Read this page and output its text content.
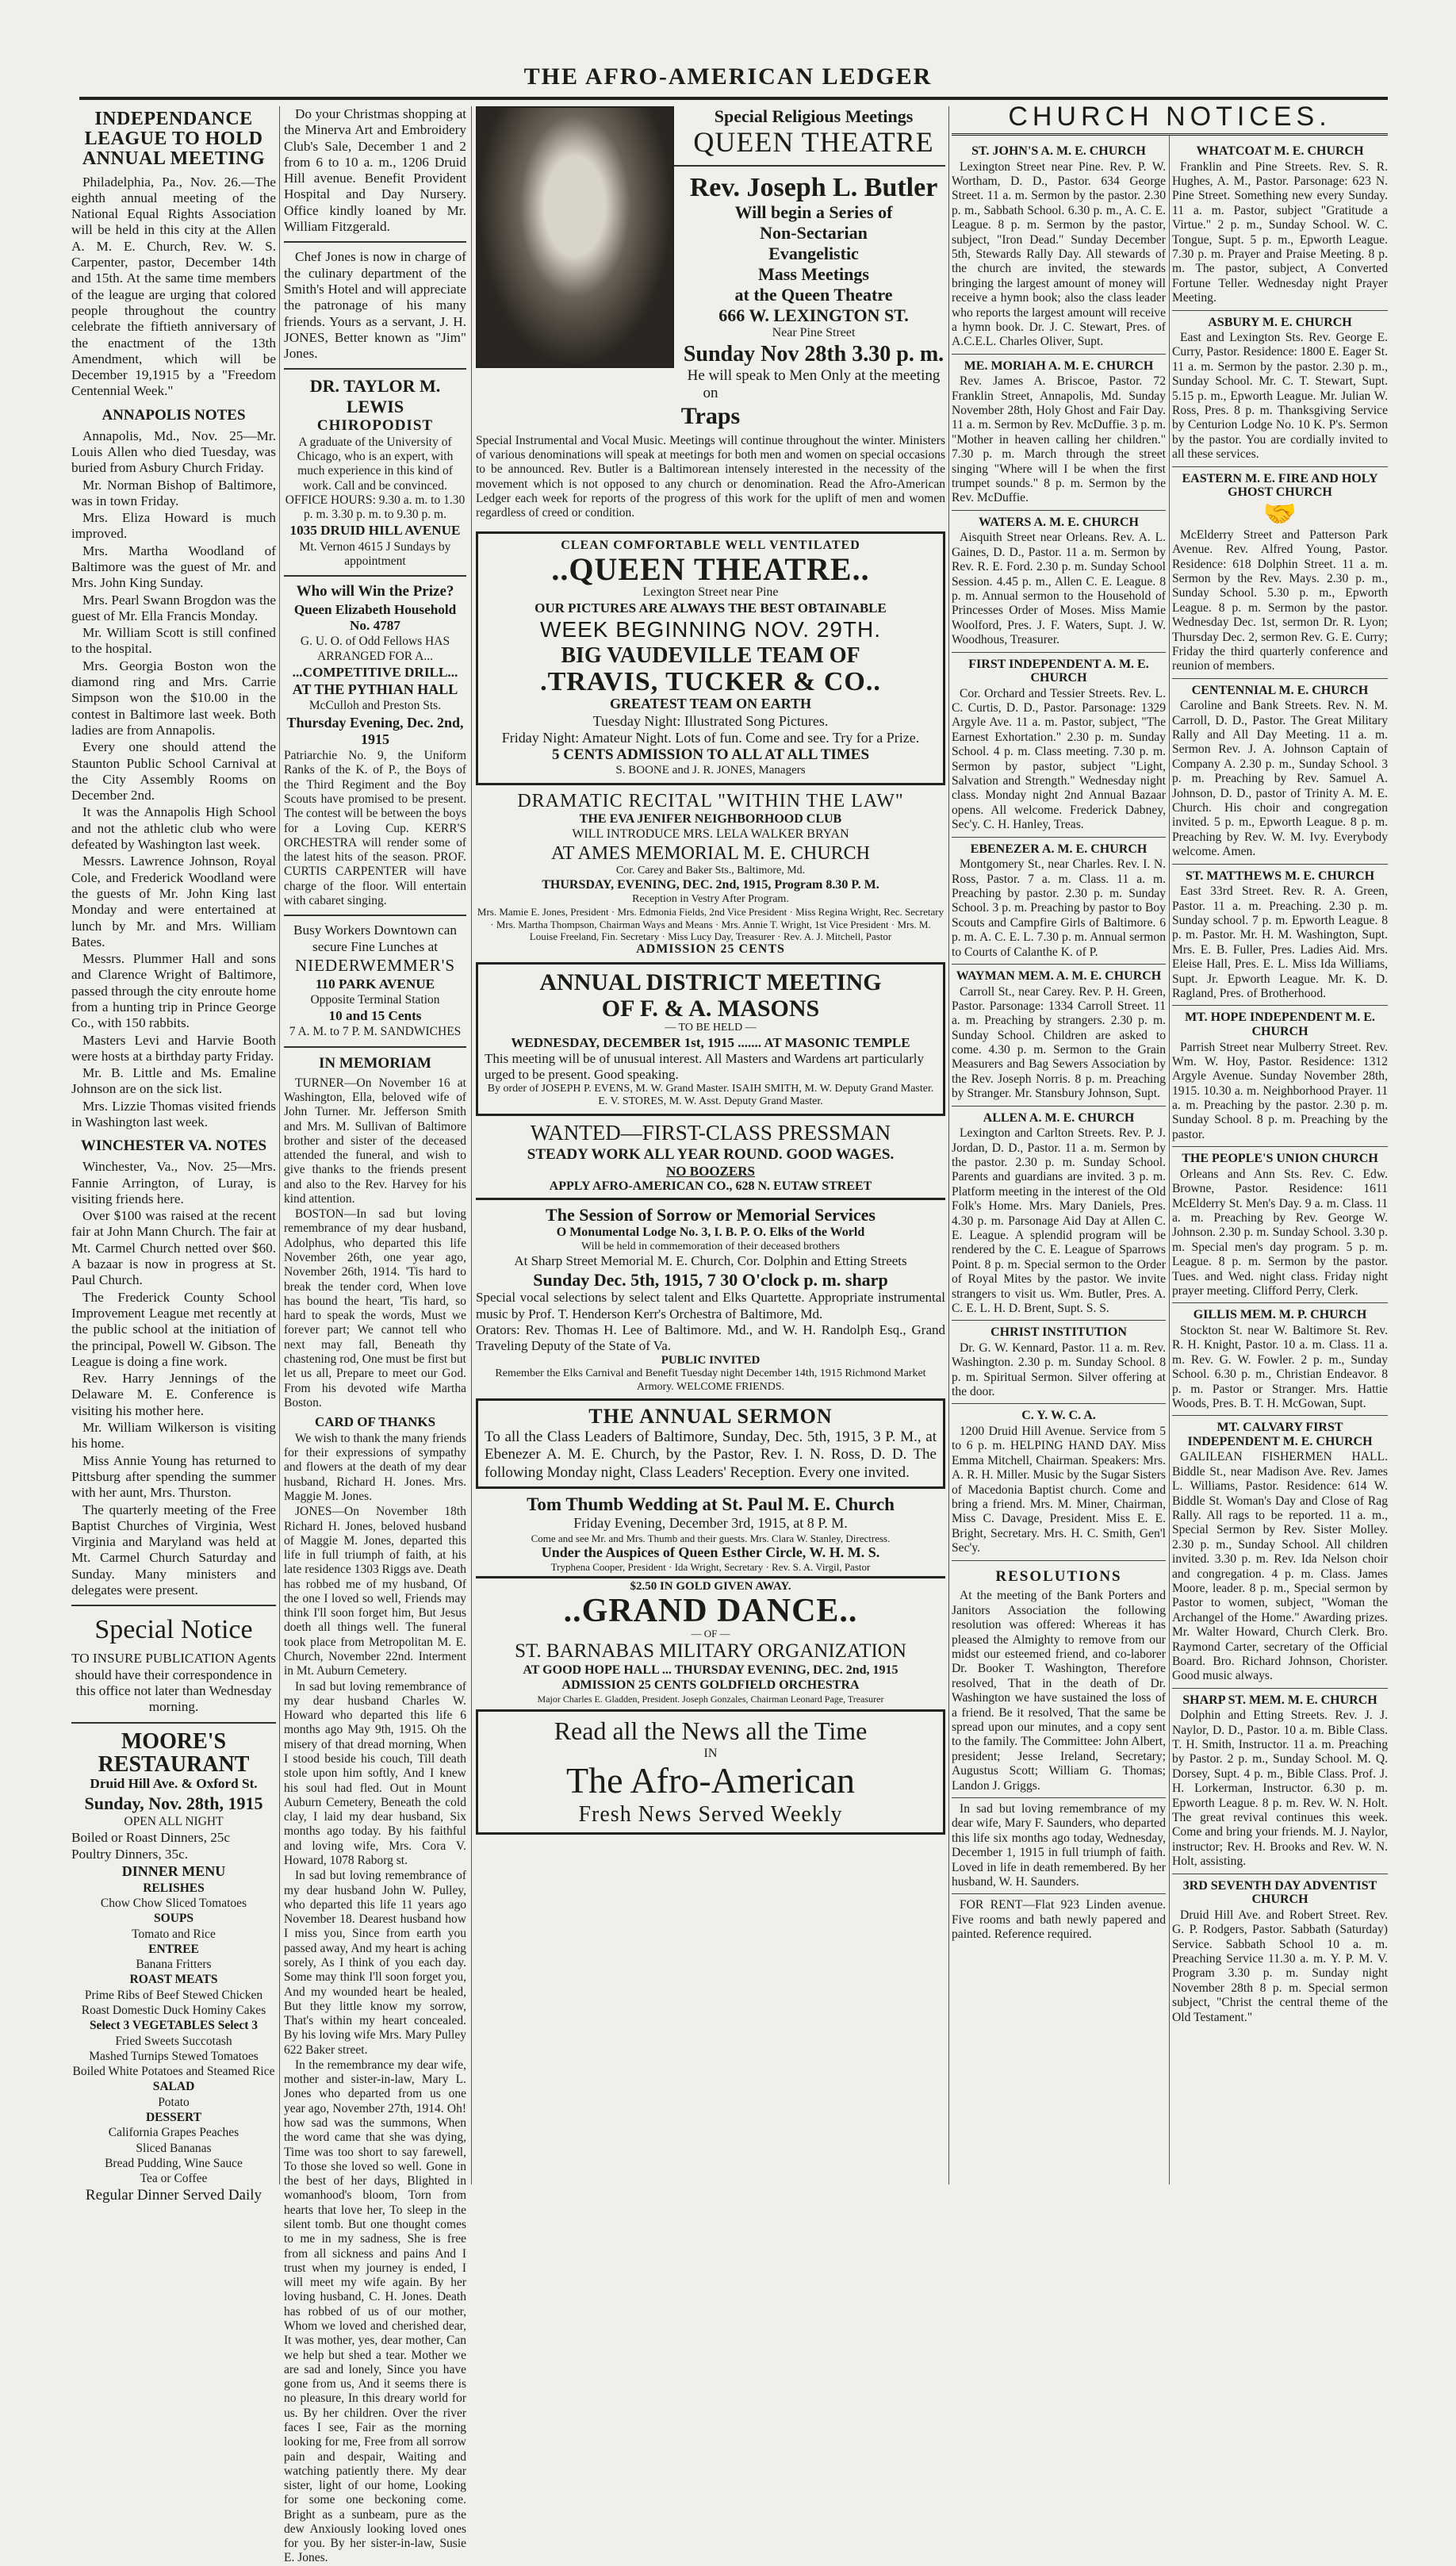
THE AFRO-AMERICAN LEDGER
INDEPENDANCE LEAGUE TO HOLD ANNUAL MEETING

Philadelphia, Pa., Nov. 26.—The eighth annual meeting of the National Equal Rights Association will be held in this city at the Allen A. M. E. Church, Rev. W. S. Carpenter, pastor, December 14th and 15th. At the same time members of the league are urging that colored people throughout the country celebrate the fiftieth anniversary of the enactment of the 13th Amendment, which will be December 19,1915 by a "Freedom Centennial Week."

ANNAPOLIS NOTES

Annapolis, Md., Nov. 25—Mr. Louis Allen who died Tuesday, was buried from Asbury Church Friday.

Mr. Norman Bishop of Baltimore, was in town Friday.

Mrs. Eliza Howard is much improved.

Mrs. Martha Woodland of Baltimore was the guest of Mr. and Mrs. John King Sunday.

Mrs. Pearl Swann Brogdon was the guest of Mr. Ella Francis Monday.

Mr. William Scott is still confined to the hospital.

Mrs. Georgia Boston won the diamond ring and Mrs. Carrie Simpson won the $10.00 in the contest in Baltimore last week. Both ladies are from Annapolis.

Every one should attend the Staunton Public School Carnival at the City Assembly Rooms on December 2nd.

It was the Annapolis High School and not the athletic club who were defeated by Washington last week.

Messrs. Lawrence Johnson, Royal Cole, and Frederick Woodland were the guests of Mr. John King last Monday and were entertained at lunch by Mr. and Mrs. William Bates.

Messrs. Plummer Hall and sons and Clarence Wright of Baltimore, passed through the city enroute home from a hunting trip in Prince George Co., with 150 rabbits.

Masters Levi and Harvie Booth were hosts at a birthday party Friday.

Mr. B. Little and Ms. Emaline Johnson are on the sick list.

Mrs. Lizzie Thomas visited friends in Washington last week.

WINCHESTER VA. NOTES

Winchester, Va., Nov. 25—Mrs. Fannie Arrington, of Luray, is visiting friends here.

Over $100 was raised at the recent fair at John Mann Church. The fair at Mt. Carmel Church netted over $60. A bazaar is now in progress at St. Paul Church.

The Frederick County School Improvement League met recently at the public school at the initiation of the principal, Powell W. Gibson. The League is doing a fine work.

Rev. Harry Jennings of the Delaware M. E. Conference is visiting his mother here.

Mr. William Wilkerson is visiting his home.

Miss Annie Young has returned to Pittsburg after spending the summer with her aunt, Mrs. Thurston.

The quarterly meeting of the Free Baptist Churches of Virginia, West Virginia and Maryland was held at Mt. Carmel Church Saturday and Sunday. Many ministers and delegates were present.

Special Notice

TO INSURE PUBLICATION Agents should have their correspondence in this office not later than Wednesday morning.

MOORE'S RESTAURANT

Druid Hill Ave. & Oxford St.

Sunday, Nov. 28th, 1915

OPEN ALL NIGHT

Boiled or Roast Dinners, 25c

Poultry Dinners, 35c.

DINNER MENU

RELISHES

Chow Chow Sliced Tomatoes

SOUPS

Tomato and Rice

ENTREE

Banana Fritters

ROAST MEATS

Prime Ribs of Beef Stewed Chicken

Roast Domestic Duck Hominy Cakes

Select 3 VEGETABLES Select 3

Fried Sweets Succotash

Mashed Turnips Stewed Tomatoes

Boiled White Potatoes and Steamed Rice

SALAD

Potato

DESSERT

California Grapes Peaches

Sliced Bananas

Bread Pudding, Wine Sauce

Tea or Coffee

Regular Dinner Served Daily

Do your Christmas shopping at the Minerva Art and Embroidery Club's Sale, December 1 and 2 from 6 to 10 a. m., 1206 Druid Hill avenue. Benefit Provident Hospital and Day Nursery. Office kindly loaned by Mr. William Fitzgerald.

Chef Jones is now in charge of the culinary department of the Smith's Hotel and will appreciate the patronage of his many friends. Yours as a servant, J. H. JONES, Better known as "Jim" Jones.

DR. TAYLOR M. LEWIS
CHIROPODIST

A graduate of the University of Chicago, who is an expert, with much experience in this kind of work. Call and be convinced. OFFICE HOURS: 9.30 a. m. to 1.30 p. m. 3.30 p. m. to 9.30 p. m.

1035 DRUID HILL AVENUE

Mt. Vernon 4615 J Sundays by appointment

Who will Win the Prize?

Queen Elizabeth Household No. 4787

G. U. O. of Odd Fellows HAS ARRANGED FOR A...

...COMPETITIVE DRILL...

AT THE PYTHIAN HALL

McCulloh and Preston Sts.

Thursday Evening, Dec. 2nd, 1915

Patriarchie No. 9, the Uniform Ranks of the K. of P., the Boys of the Third Regiment and the Boy Scouts have promised to be present. The contest will be between the boys for a Loving Cup. KERR'S ORCHESTRA will render some of the latest hits of the season. PROF. CURTIS CARPENTER will have charge of the floor. Will entertain with cabaret singing.

Busy Workers Downtown can secure Fine Lunches at

NIEDERWEMMER'S

110 PARK AVENUE

Opposite Terminal Station

10 and 15 Cents

7 A. M. to 7 P. M. SANDWICHES

IN MEMORIAM

TURNER—On November 16 at Washington, Ella, beloved wife of John Turner. Mr. Jefferson Smith and Mrs. M. Sullivan of Baltimore brother and sister of the deceased attended the funeral, and wish to give thanks to the friends present and also to the Rev. Harvey for his kind attention.

BOSTON—In sad but loving remembrance of my dear husband, Adolphus, who departed this life November 26th, one year ago, November 26th, 1914. 'Tis hard to break the tender cord, When love has bound the heart, 'Tis hard, so hard to speak the words, Must we forever part; We cannot tell who next may fall, Beneath thy chastening rod, One must be first but let us all, Prepare to meet our God. From his devoted wife Martha Boston.

CARD OF THANKS

We wish to thank the many friends for their expressions of sympathy and flowers at the death of my dear husband, Richard H. Jones. Mrs. Maggie M. Jones.

JONES—On November 18th Richard H. Jones, beloved husband of Maggie M. Jones, departed this life in full triumph of faith, at his late residence 1303 Riggs ave. Death has robbed me of my husband, Of the one I loved so well, Friends may think I'll soon forget him, But Jesus doeth all things well. The funeral took place from Metropolitan M. E. Church, November 22nd. Interment in Mt. Auburn Cemetery.

In sad but loving remembrance of my dear husband Charles W. Howard who departed this life 6 months ago May 9th, 1915. Oh the misery of that dread morning, When I stood beside his couch, Till death stole upon him softly, And I knew his soul had fled. Out in Mount Auburn Cemetery, Beneath the cold clay, I laid my dear husband, Six months ago today. By his faithful and loving wife, Mrs. Cora V. Howard, 1078 Raborg st.

In sad but loving remembrance of my dear husband John W. Pulley, who departed this life 11 years ago November 18. Dearest husband how I miss you, Since from earth you passed away, And my heart is aching sorely, As I think of you each day. Some may think I'll soon forget you, And my wounded heart be healed, But they little know my sorrow, That's within my heart concealed. By his loving wife Mrs. Mary Pulley 622 Baker street.

In the remembrance my dear wife, mother and sister-in-law, Mary L. Jones who departed from us one year ago, November 27th, 1914. Oh! how sad was the summons, When the word came that she was dying, Time was too short to say farewell, To those she loved so well. Gone in the best of her days, Blighted in womanhood's bloom, Torn from hearts that love her, To sleep in the silent tomb. But one thought comes to me in my sadness, She is free from all sickness and pains And I trust when my journey is ended, I will meet my wife again. By her loving husband, C. H. Jones. Death has robbed of us of our mother, Whom we loved and cherished dear, It was mother, yes, dear mother, Can we help but shed a tear. Mother we are sad and lonely, Since you have gone from us, And it seems there is no pleasure, In this dreary world for us. By her children. Over the river faces I see, Fair as the morning looking for me, Free from all sorrow pain and despair, Waiting and watching patiently there. My dear sister, light of our home, Looking for some one beckoning come. Bright as a sunbeam, pure as the dew Anxiously looking loved ones for you. By her sister-in-law, Susie E. Jones.

Special Religious Meetings
QUEEN THEATRE
Rev. Joseph L. Butler
Will begin a Series of
Non-Sectarian
Evangelistic
Mass Meetings
at the Queen Theatre
666 W. LEXINGTON ST.
Near Pine Street
Sunday Nov 28th 3.30 p. m.
He will speak to Men Only at the meeting on
Traps

Special Instrumental and Vocal Music. Meetings will continue throughout the winter. Ministers of various denominations will speak at meetings for both men and women on special occasions to be announced. Rev. Butler is a Baltimorean intensely interested in the necessity of the movement which is not opposed to any church or denomination. Read the Afro-American Ledger each week for reports of the progress of this work for the uplift of men and women regardless of creed or condition.

CLEAN COMFORTABLE WELL VENTILATED
..QUEEN THEATRE..
Lexington Street near Pine
OUR PICTURES ARE ALWAYS THE BEST OBTAINABLE
WEEK BEGINNING NOV. 29TH.
BIG VAUDEVILLE TEAM OF
.TRAVIS, TUCKER & CO..
GREATEST TEAM ON EARTH
Tuesday Night: Illustrated Song Pictures.
Friday Night: Amateur Night. Lots of fun. Come and see. Try for a Prize.
5 CENTS ADMISSION TO ALL AT ALL TIMES
S. BOONE and J. R. JONES, Managers
DRAMATIC RECITAL "WITHIN THE LAW"
THE EVA JENIFER NEIGHBORHOOD CLUB
WILL INTRODUCE MRS. LELA WALKER BRYAN
AT AMES MEMORIAL M. E. CHURCH
Cor. Carey and Baker Sts., Baltimore, Md.
THURSDAY, EVENING, DEC. 2nd, 1915, Program 8.30 P. M.
Reception in Vestry After Program.
Mrs. Mamie E. Jones, President · Mrs. Edmonia Fields, 2nd Vice President · Miss Regina Wright, Rec. Secretary · Mrs. Martha Thompson, Chairman Ways and Means · Mrs. Annie T. Wright, 1st Vice President · Mrs. M. Louise Freeland, Fin. Secretary · Miss Lucy Day, Treasurer · Rev. A. J. Mitchell, Pastor
ADMISSION 25 CENTS
ANNUAL DISTRICT MEETING
OF F. & A. MASONS
— TO BE HELD —
WEDNESDAY, DECEMBER 1st, 1915 ....... AT MASONIC TEMPLE
This meeting will be of unusual interest. All Masters and Wardens art particularly urged to be present. Good speaking.
By order of JOSEPH P. EVENS, M. W. Grand Master. ISAIH SMITH, M. W. Deputy Grand Master. E. V. STORES, M. W. Asst. Deputy Grand Master.
WANTED—FIRST-CLASS PRESSMAN
STEADY WORK ALL YEAR ROUND. GOOD WAGES.
NO BOOZERS
APPLY AFRO-AMERICAN CO., 628 N. EUTAW STREET
The Session of Sorrow or Memorial Services
O Monumental Lodge No. 3, I. B. P. O. Elks of the World
Will be held in commemoration of their deceased brothers
At Sharp Street Memorial M. E. Church, Cor. Dolphin and Etting Streets
Sunday Dec. 5th, 1915, 7 30 O'clock p. m. sharp
Special vocal selections by select talent and Elks Quartette. Appropriate instrumental music by Prof. T. Henderson Kerr's Orchestra of Baltimore, Md.
Orators: Rev. Thomas H. Lee of Baltimore. Md., and W. H. Randolph Esq., Grand Traveling Deputy of the State of Va.
PUBLIC INVITED
Remember the Elks Carnival and Benefit Tuesday night December 14th, 1915 Richmond Market Armory. WELCOME FRIENDS.
THE ANNUAL SERMON
To all the Class Leaders of Baltimore, Sunday, Dec. 5th, 1915, 3 P. M., at Ebenezer A. M. E. Church, by the Pastor, Rev. I. N. Ross, D. D. The following Monday night, Class Leaders' Reception. Every one invited.
Tom Thumb Wedding at St. Paul M. E. Church
Friday Evening, December 3rd, 1915, at 8 P. M.
Come and see Mr. and Mrs. Thumb and their guests. Mrs. Clara W. Stanley, Directress.
Under the Auspices of Queen Esther Circle, W. H. M. S.
Tryphena Cooper, President · Ida Wright, Secretary · Rev. S. A. Virgil, Pastor
$2.50 IN GOLD GIVEN AWAY.
..GRAND DANCE..
— OF —
ST. BARNABAS MILITARY ORGANIZATION
AT GOOD HOPE HALL ... THURSDAY EVENING, DEC. 2nd, 1915
ADMISSION 25 CENTS GOLDFIELD ORCHESTRA
Major Charles E. Gladden, President. Joseph Gonzales, Chairman Leonard Page, Treasurer
Read all the News all the Time
IN
The Afro-American
Fresh News Served Weekly
CHURCH NOTICES.
ST. JOHN'S A. M. E. CHURCH

Lexington Street near Pine. Rev. P. W. Wortham, D. D., Pastor. 634 George Street. 11 a. m. Sermon by the pastor. 2.30 p. m., Sabbath School. 6.30 p. m., A. C. E. League. 8 p. m. Sermon by the pastor, subject, "Iron Dead." Sunday December 5th, Stewards Rally Day. All stewards of the church are invited, the stewards bringing the largest amount of money will receive a hymn book; also the class leader who reports the largest amount will receive a hymn book. Dr. J. C. Stewart, Pres. of A.C.E.L. Charles Oliver, Supt.

ME. MORIAH A. M. E. CHURCH

Rev. James A. Briscoe, Pastor. 72 Franklin Street, Annapolis, Md. Sunday November 28th, Holy Ghost and Fair Day. 11 a. m. Sermon by Rev. McDuffie. 3 p. m. "Mother in heaven calling her children." 7.30 p. m. March through the street singing "Where will I be when the first trumpet sounds." 8 p. m. Sermon by the Rev. McDuffie.

WATERS A. M. E. CHURCH

Aisquith Street near Orleans. Rev. A. L. Gaines, D. D., Pastor. 11 a. m. Sermon by Rev. R. E. Ford. 2.30 p. m. Sunday School Session. 4.45 p. m., Allen C. E. League. 8 p. m. Annual sermon to the Household of Princesses Order of Moses. Miss Mamie Woolford, Pres. J. F. Waters, Supt. J. W. Woodhous, Treasurer.

FIRST INDEPENDENT A. M. E. CHURCH

Cor. Orchard and Tessier Streets. Rev. L. C. Curtis, D. D., Pastor. Parsonage: 1329 Argyle Ave. 11 a. m. Pastor, subject, "The Earnest Exhortation." 2.30 p. m. Sunday School. 4 p. m. Class meeting. 7.30 p. m. Sermon by pastor, subject "Light, Salvation and Strength." Wednesday night class. Monday night 2nd Annual Bazaar opens. All welcome. Frederick Dabney, Sec'y. C. H. Hanley, Treas.

EBENEZER A. M. E. CHURCH

Montgomery St., near Charles. Rev. I. N. Ross, Pastor. 7 a. m. Class. 11 a. m. Preaching by pastor. 2.30 p. m. Sunday School. 3 p. m. Preaching by pastor to Boy Scouts and Campfire Girls of Baltimore. 6 p. m. A. C. E. L. 7.30 p. m. Annual sermon to Courts of Calanthe K. of P.

WAYMAN MEM. A. M. E. CHURCH

Carroll St., near Carey. Rev. P. H. Green, Pastor. Parsonage: 1334 Carroll Street. 11 a. m. Preaching by strangers. 2.30 p. m. Sunday School. Children are asked to come. 4.30 p. m. Sermon to the Grain Measurers and Bag Sewers Association by the Rev. Joseph Norris. 8 p. m. Preaching by Stranger. Mr. Stansbury Johnson, Supt.

ALLEN A. M. E. CHURCH

Lexington and Carlton Streets. Rev. P. J. Jordan, D. D., Pastor. 11 a. m. Sermon by the pastor. 2.30 p. m. Sunday School. Parents and guardians are invited. 3 p. m. Platform meeting in the interest of the Old Folk's Home. Mrs. Mary Daniels, Pres. 4.30 p. m. Parsonage Aid Day at Allen C. E. League. A splendid program will be rendered by the C. E. League of Sparrows Point. 8 p. m. Special sermon to the Order of Royal Mites by the pastor. We invite strangers to visit us. Wm. Butler, Pres. A. C. E. L. H. D. Brent, Supt. S. S.

CHRIST INSTITUTION

Dr. G. W. Kennard, Pastor. 11 a. m. Rev. Washington. 2.30 p. m. Sunday School. 8 p. m. Spiritual Sermon. Silver offering at the door.

C. Y. W. C. A.

1200 Druid Hill Avenue. Service from 5 to 6 p. m. HELPING HAND DAY. Miss Emma Mitchell, Chairman. Speakers: Mrs. A. R. H. Miller. Music by the Sugar Sisters of Macedonia Baptist church. Come and bring a friend. Mrs. M. Miner, Chairman, Miss C. Davage, President. Miss E. E. Bright, Secretary. Mrs. H. C. Smith, Gen'l Sec'y.

RESOLUTIONS

At the meeting of the Bank Porters and Janitors Association the following resolution was offered: Whereas it has pleased the Almighty to remove from our midst our esteemed friend, and co-laborer Dr. Booker T. Washington, Therefore resolved, That in the death of Dr. Washington we have sustained the loss of a friend. Be it resolved, That the same be spread upon our minutes, and a copy sent to the family. The Committee: John Albert, president; Jesse Ireland, Secretary; Augustus Scott; William G. Thomas; Landon J. Griggs.

In sad but loving remembrance of my dear wife, Mary F. Saunders, who departed this life six months ago today, Wednesday, December 1, 1915 in full triumph of faith. Loved in life in death remembered. By her husband, W. H. Saunders.

FOR RENT—Flat 923 Linden avenue. Five rooms and bath newly papered and painted. Reference required.

WHATCOAT M. E. CHURCH

Franklin and Pine Streets. Rev. S. R. Hughes, A. M., Pastor. Parsonage: 623 N. Pine Street. Something new every Sunday. 11 a. m. Pastor, subject "Gratitude a Virtue." 2 p. m., Sunday School. W. C. Tongue, Supt. 5 p. m., Epworth League. 7.30 p. m. Prayer and Praise Meeting. 8 p. m. The pastor, subject, A Converted Fortune Teller. Wednesday night Prayer Meeting.

ASBURY M. E. CHURCH

East and Lexington Sts. Rev. George E. Curry, Pastor. Residence: 1800 E. Eager St. 11 a. m. Sermon by the pastor. 2.30 p. m., Sunday School. Mr. C. T. Stewart, Supt. 5.15 p. m., Epworth League. Mr. Julian W. Ross, Pres. 8 p. m. Thanksgiving Service by Centurion Lodge No. 10 K. P's. Sermon by the pastor. You are cordially invited to all these services.

EASTERN M. E. FIRE AND HOLY GHOST CHURCH
🤝

McElderry Street and Patterson Park Avenue. Rev. Alfred Young, Pastor. Residence: 618 Dolphin Street. 11 a. m. Sermon by the Rev. Mays. 2.30 p. m., Sunday School. 5.30 p. m., Epworth League. 8 p. m. Sermon by the pastor. Wednesday Dec. 1st, sermon Dr. R. Lyon; Thursday Dec. 2, sermon Rev. G. E. Curry; Friday the third quarterly conference and reunion of members.

CENTENNIAL M. E. CHURCH

Caroline and Bank Streets. Rev. N. M. Carroll, D. D., Pastor. The Great Military Rally and All Day Meeting. 11 a. m. Sermon Rev. J. A. Johnson Captain of Company A. 2.30 p. m., Sunday School. 3 p. m. Preaching by Rev. Samuel A. Johnson, D. D., pastor of Trinity A. M. E. Church. His choir and congregation invited. 5 p. m., Epworth League. 8 p. m. Preaching by Rev. W. M. Ivy. Everybody welcome. Amen.

ST. MATTHEWS M. E. CHURCH

East 33rd Street. Rev. R. A. Green, Pastor. 11 a. m. Preaching. 2.30 p. m. Sunday school. 7 p. m. Epworth League. 8 p. m. Pastor. Mr. H. M. Washington, Supt. Mrs. E. B. Fuller, Pres. Ladies Aid. Mrs. Eleise Hall, Pres. E. L. Miss Ida Williams, Supt. Jr. Epworth League. Mr. K. D. Ragland, Pres. of Brotherhood.

MT. HOPE INDEPENDENT M. E. CHURCH

Parrish Street near Mulberry Street. Rev. Wm. W. Hoy, Pastor. Residence: 1312 Argyle Avenue. Sunday November 28th, 1915. 10.30 a. m. Neighborhood Prayer. 11 a. m. Preaching by the pastor. 2.30 p. m. Sunday School. 8 p. m. Preaching by the pastor.

THE PEOPLE'S UNION CHURCH

Orleans and Ann Sts. Rev. C. Edw. Browne, Pastor. Residence: 1611 McElderry St. Men's Day. 9 a. m. Class. 11 a. m. Preaching by Rev. George W. Johnson. 2.30 p. m. Sunday School. 3.30 p. m. Special men's day program. 5 p. m. League. 8 p. m. Sermon by the pastor. Tues. and Wed. night class. Friday night prayer meeting. Clifford Perry, Clerk.

GILLIS MEM. M. P. CHURCH

Stockton St. near W. Baltimore St. Rev. R. H. Knight, Pastor. 10 a. m. Class. 11 a. m. Rev. G. W. Fowler. 2 p. m., Sunday School. 6.30 p. m., Christian Endeavor. 8 p. m. Pastor or Stranger. Mrs. Hattie Woods, Pres. B. T. H. McGowan, Supt.

MT. CALVARY FIRST INDEPENDENT M. E. CHURCH

GALILEAN FISHERMEN HALL. Biddle St., near Madison Ave. Rev. James L. Williams, Pastor. Residence: 614 W. Biddle St. Woman's Day and Close of Rag Rally. All rags to be reported. 11 a. m., Special Sermon by Rev. Sister Molley. 2.30 p. m., Sunday School. All children invited. 3.30 p. m. Rev. Ida Nelson choir and congregation. 4 p. m. Class. James Moore, leader. 8 p. m., Special sermon by Pastor to women, subject, "Woman the Archangel of the Home." Awarding prizes. Mr. Walter Howard, Church Clerk. Bro. Raymond Carter, secretary of the Official Board. Bro. Richard Johnson, Chorister. Good music always.

SHARP ST. MEM. M. E. CHURCH

Dolphin and Etting Streets. Rev. J. J. Naylor, D. D., Pastor. 10 a. m. Bible Class. T. H. Smith, Instructor. 11 a. m. Preaching by Pastor. 2 p. m., Sunday School. M. Q. Dorsey, Supt. 4 p. m., Bible Class. Prof. J. H. Lorkerman, Instructor. 6.30 p. m. Epworth League. 8 p. m. Rev. W. N. Holt. The great revival continues this week. Come and bring your friends. M. J. Naylor, instructor; Rev. H. Brooks and Rev. W. N. Holt, assisting.

3RD SEVENTH DAY ADVENTIST CHURCH

Druid Hill Ave. and Robert Street. Rev. G. P. Rodgers, Pastor. Sabbath (Saturday) Service. Sabbath School 10 a. m. Preaching Service 11.30 a. m. Y. P. M. V. Program 3.30 p. m. Sunday night November 28th 8 p. m. Special sermon subject, "Christ the central theme of the Old Testament."
